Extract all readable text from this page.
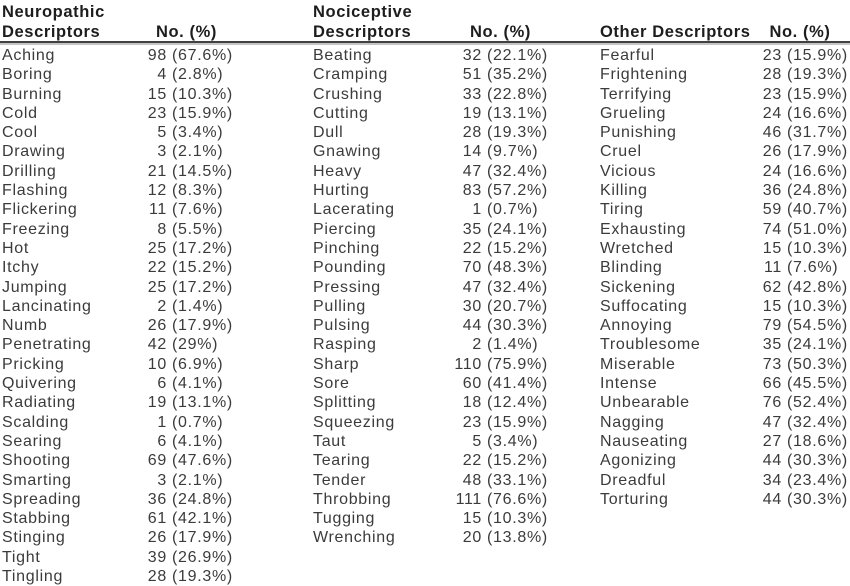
Neuropathic
Descriptors	No. (%)
Aching	98 (67.6%)
Boring	4 (2.8%)
Burning	15 (10.3%)
Cold	23 (15.9%)
Cool	5 (3.4%)
Drawing	3 (2.1%)
Drilling	21 (14.5%)
Flashing	12 (8.3%)
Flickering	11 (7.6%)
Freezing	8 (5.5%)
Hot	25 (17.2%)
Itchy	22 (15.2%)
Jumping	25 (17.2%)
Lancinating	2 (1.4%)
Numb	26 (17.9%)
Penetrating	42 (29%)
Pricking	10 (6.9%)
Quivering	6 (4.1%)
Radiating	19 (13.1%)
Scalding	1 (0.7%)
Searing	6 (4.1%)
Shooting	69 (47.6%)
Smarting	3 (2.1%)
Spreading	36 (24.8%)
Stabbing	61 (42.1%)
Stinging	26 (17.9%)
Tight	39 (26.9%)
Tingling	28 (19.3%)
Nociceptive
Descriptors	No. (%)
Beating	32 (22.1%)
Cramping	51 (35.2%)
Crushing	33 (22.8%)
Cutting	19 (13.1%)
Dull	28 (19.3%)
Gnawing	14 (9.7%)
Heavy	47 (32.4%)
Hurting	83 (57.2%)
Lacerating	1 (0.7%)
Piercing	35 (24.1%)
Pinching	22 (15.2%)
Pounding	70 (48.3%)
Pressing	47 (32.4%)
Pulling	30 (20.7%)
Pulsing	44 (30.3%)
Rasping	2 (1.4%)
Sharp	110 (75.9%)
Sore	60 (41.4%)
Splitting	18 (12.4%)
Squeezing	23 (15.9%)
Taut	5 (3.4%)
Tearing	22 (15.2%)
Tender	48 (33.1%)
Throbbing	111 (76.6%)
Tugging	15 (10.3%)
Wrenching	20 (13.8%)
Other Descriptors	No. (%)
Fearful	23 (15.9%)
Frightening	28 (19.3%)
Terrifying	23 (15.9%)
Grueling	24 (16.6%)
Punishing	46 (31.7%)
Cruel	26 (17.9%)
Vicious	24 (16.6%)
Killing	36 (24.8%)
Tiring	59 (40.7%)
Exhausting	74 (51.0%)
Wretched	15 (10.3%)
Blinding	11 (7.6%)
Sickening	62 (42.8%)
Suffocating	15 (10.3%)
Annoying	79 (54.5%)
Troublesome	35 (24.1%)
Miserable	73 (50.3%)
Intense	66 (45.5%)
Unbearable	76 (52.4%)
Nagging	47 (32.4%)
Nauseating	27 (18.6%)
Agonizing	44 (30.3%)
Dreadful	34 (23.4%)
Torturing	44 (30.3%)
